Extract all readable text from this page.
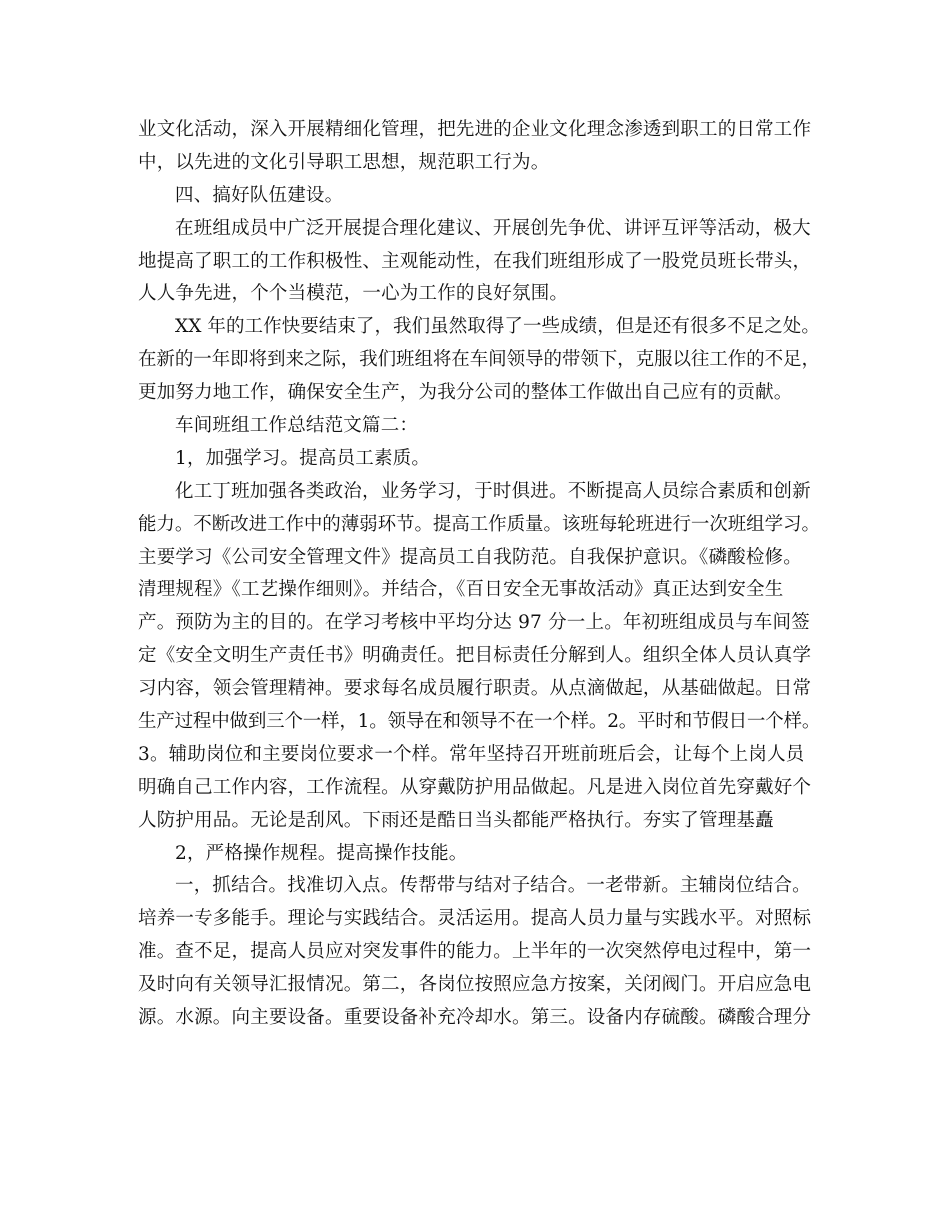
业文化活动，深入开展精细化管理，把先进的企业文化理念渗透到职工的日常工作
中，以先进的文化引导职工思想，规范职工行为。
四、搞好队伍建设。
在班组成员中广泛开展提合理化建议、开展创先争优、讲评互评等活动，极大
地提高了职工的工作积极性、主观能动性，在我们班组形成了一股党员班长带头，
人人争先进，个个当模范，一心为工作的良好氛围。
XX 年的工作快要结束了，我们虽然取得了一些成绩，但是还有很多不足之处。
在新的一年即将到来之际，我们班组将在车间领导的带领下，克服以往工作的不足，
更加努力地工作，确保安全生产，为我分公司的整体工作做出自己应有的贡献。
车间班组工作总结范文篇二：
1，加强学习。提高员工素质。
化工丁班加强各类政治，业务学习，于时俱进。不断提高人员综合素质和创新
能力。不断改进工作中的薄弱环节。提高工作质量。该班每轮班进行一次班组学习。
主要学习《公司安全管理文件》提高员工自我防范。自我保护意识。《磷酸检修。
清理规程》《工艺操作细则》。并结合，《百日安全无事故活动》真正达到安全生
产。预防为主的目的。在学习考核中平均分达 97 分一上。年初班组成员与车间签
定《安全文明生产责任书》明确责任。把目标责任分解到人。组织全体人员认真学
习内容，领会管理精神。要求每名成员履行职责。从点滴做起，从基础做起。日常
生产过程中做到三个一样，1。领导在和领导不在一个样。2。平时和节假日一个样。
3。辅助岗位和主要岗位要求一个样。常年坚持召开班前班后会，让每个上岗人员
明确自己工作内容，工作流程。从穿戴防护用品做起。凡是进入岗位首先穿戴好个
人防护用品。无论是刮风。下雨还是酷日当头都能严格执行。夯实了管理基矗
2，严格操作规程。提高操作技能。
一，抓结合。找准切入点。传帮带与结对子结合。一老带新。主辅岗位结合。
培养一专多能手。理论与实践结合。灵活运用。提高人员力量与实践水平。对照标
准。查不足，提高人员应对突发事件的能力。上半年的一次突然停电过程中，第一
及时向有关领导汇报情况。第二，各岗位按照应急方按案，关闭阀门。开启应急电
源。水源。向主要设备。重要设备补充冷却水。第三。设备内存硫酸。磷酸合理分
